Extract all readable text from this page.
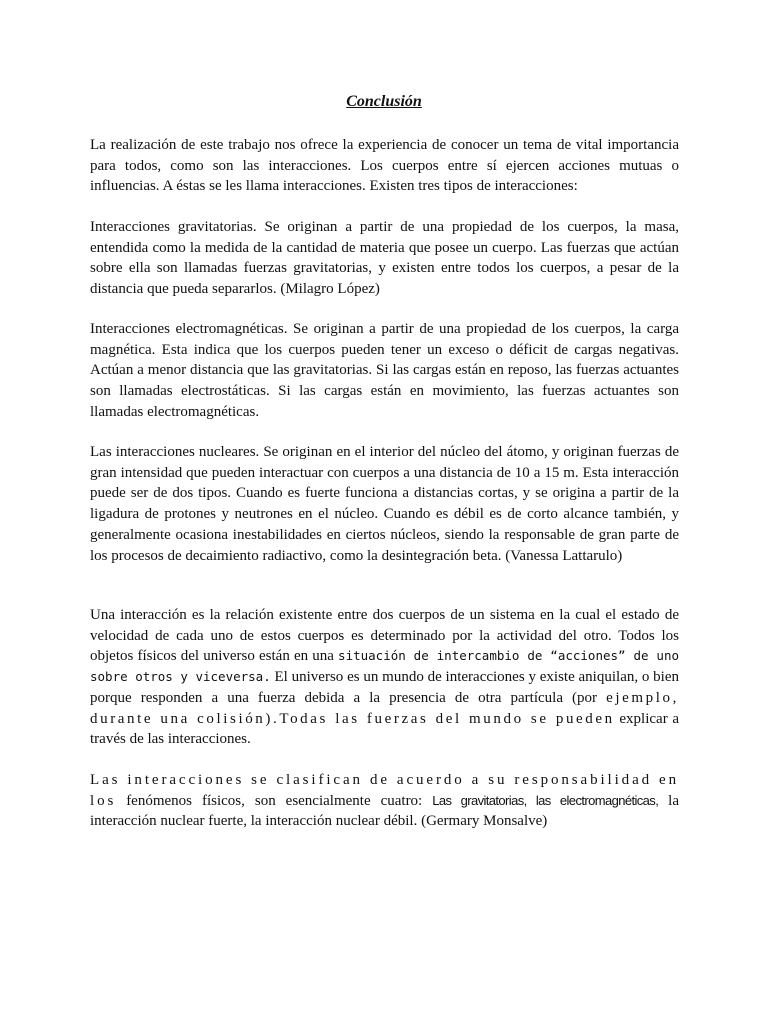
Conclusión

La realización de este trabajo nos ofrece la experiencia de conocer un tema de vital importancia para todos, como son las interacciones. Los cuerpos entre sí ejercen acciones mutuas o influencias. A éstas se les llama interacciones. Existen tres tipos de interacciones:

Interacciones gravitatorias. Se originan a partir de una propiedad de los cuerpos, la masa, entendida como la medida de la cantidad de materia que posee un cuerpo. Las fuerzas que actúan sobre ella son llamadas fuerzas gravitatorias, y existen entre todos los cuerpos, a pesar de la distancia que pueda separarlos. (Milagro López)

Interacciones electromagnéticas. Se originan a partir de una propiedad de los cuerpos, la carga magnética. Esta indica que los cuerpos pueden tener un exceso o déficit de cargas negativas. Actúan a menor distancia que las gravitatorias. Si las cargas están en reposo, las fuerzas actuantes son llamadas electrostáticas. Si las cargas están en movimiento, las fuerzas actuantes son llamadas electromagnéticas.

Las interacciones nucleares. Se originan en el interior del núcleo del átomo, y originan fuerzas de gran intensidad que pueden interactuar con cuerpos a una distancia de 10 a 15 m. Esta interacción puede ser de dos tipos. Cuando es fuerte funciona a distancias cortas, y se origina a partir de la ligadura de protones y neutrones en el núcleo. Cuando es débil es de corto alcance también, y generalmente ocasiona inestabilidades en ciertos núcleos, siendo la responsable de gran parte de los procesos de decaimiento radiactivo, como la desintegración beta. (Vanessa Lattarulo)

Una interacción es la relación existente entre dos cuerpos de un sistema en la cual el estado de velocidad de cada uno de estos cuerpos es determinado por la actividad del otro. Todos los objetos físicos del universo están en una situación de intercambio de “acciones” de uno sobre otros y viceversa. El universo es un mundo de interacciones y existe aniquilan, o bien porque responden a una fuerza debida a la presencia de otra partícula (por ejemplo, durante una colisión).Todas las fuerzas del mundo se pueden explicar a través de las interacciones.

Las interacciones se clasifican de acuerdo a su responsabilidad en los fenómenos físicos, son esencialmente cuatro: Las gravitatorias, las electromagnéticas, la interacción nuclear fuerte, la interacción nuclear débil. (Germary Monsalve)
